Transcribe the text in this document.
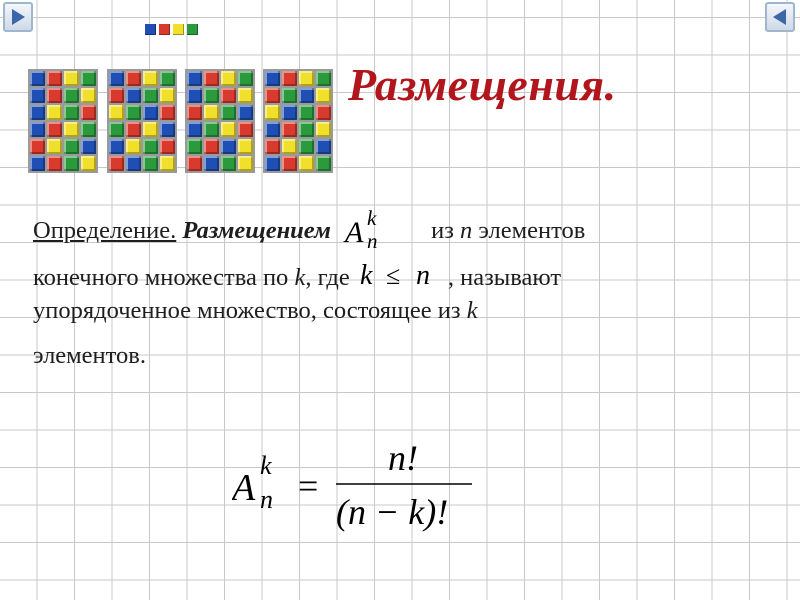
Размещения.
Определение. Размещением A k
n из n элементов
конечного множества по k, где k ≤ n , называют
упорядоченное множество, состоящее из k
элементов.
A
k
n =
n!
(n − k)!
